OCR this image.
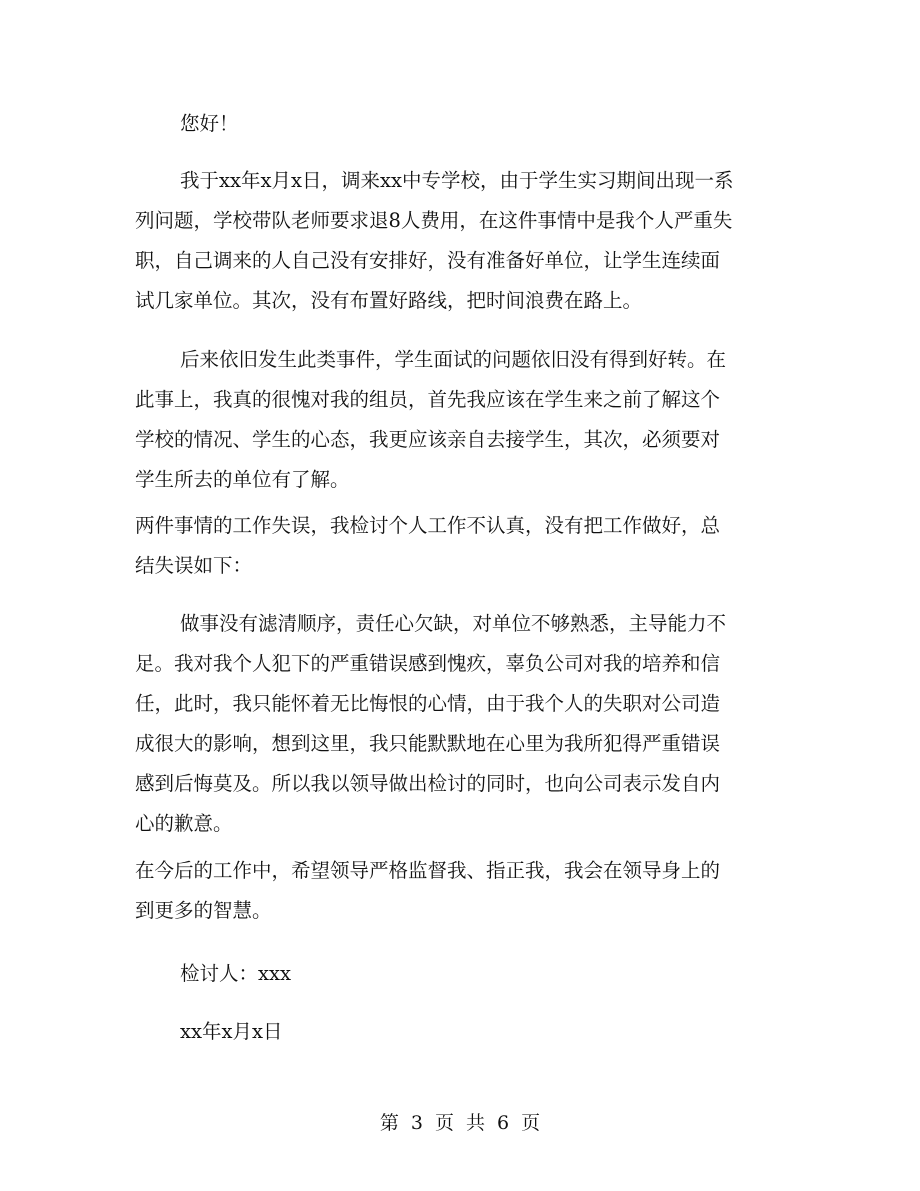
您好！
我于xx年x月x日，调来xx中专学校，由于学生实习期间出现一系
列问题，学校带队老师要求退8人费用，在这件事情中是我个人严重失
职，自己调来的人自己没有安排好，没有准备好单位，让学生连续面
试几家单位。其次，没有布置好路线，把时间浪费在路上。
后来依旧发生此类事件，学生面试的问题依旧没有得到好转。在
此事上，我真的很愧对我的组员，首先我应该在学生来之前了解这个
学校的情况、学生的心态，我更应该亲自去接学生，其次，必须要对
学生所去的单位有了解。
两件事情的工作失误，我检讨个人工作不认真，没有把工作做好，总
结失误如下：
做事没有滤清顺序，责任心欠缺，对单位不够熟悉，主导能力不
足。我对我个人犯下的严重错误感到愧疚，辜负公司对我的培养和信
任，此时，我只能怀着无比悔恨的心情，由于我个人的失职对公司造
成很大的影响，想到这里，我只能默默地在心里为我所犯得严重错误
感到后悔莫及。所以我以领导做出检讨的同时，也向公司表示发自内
心的歉意。
在今后的工作中，希望领导严格监督我、指正我，我会在领导身上的
到更多的智慧。
检讨人：xxx
xx年x月x日
第 3 页 共 6 页
